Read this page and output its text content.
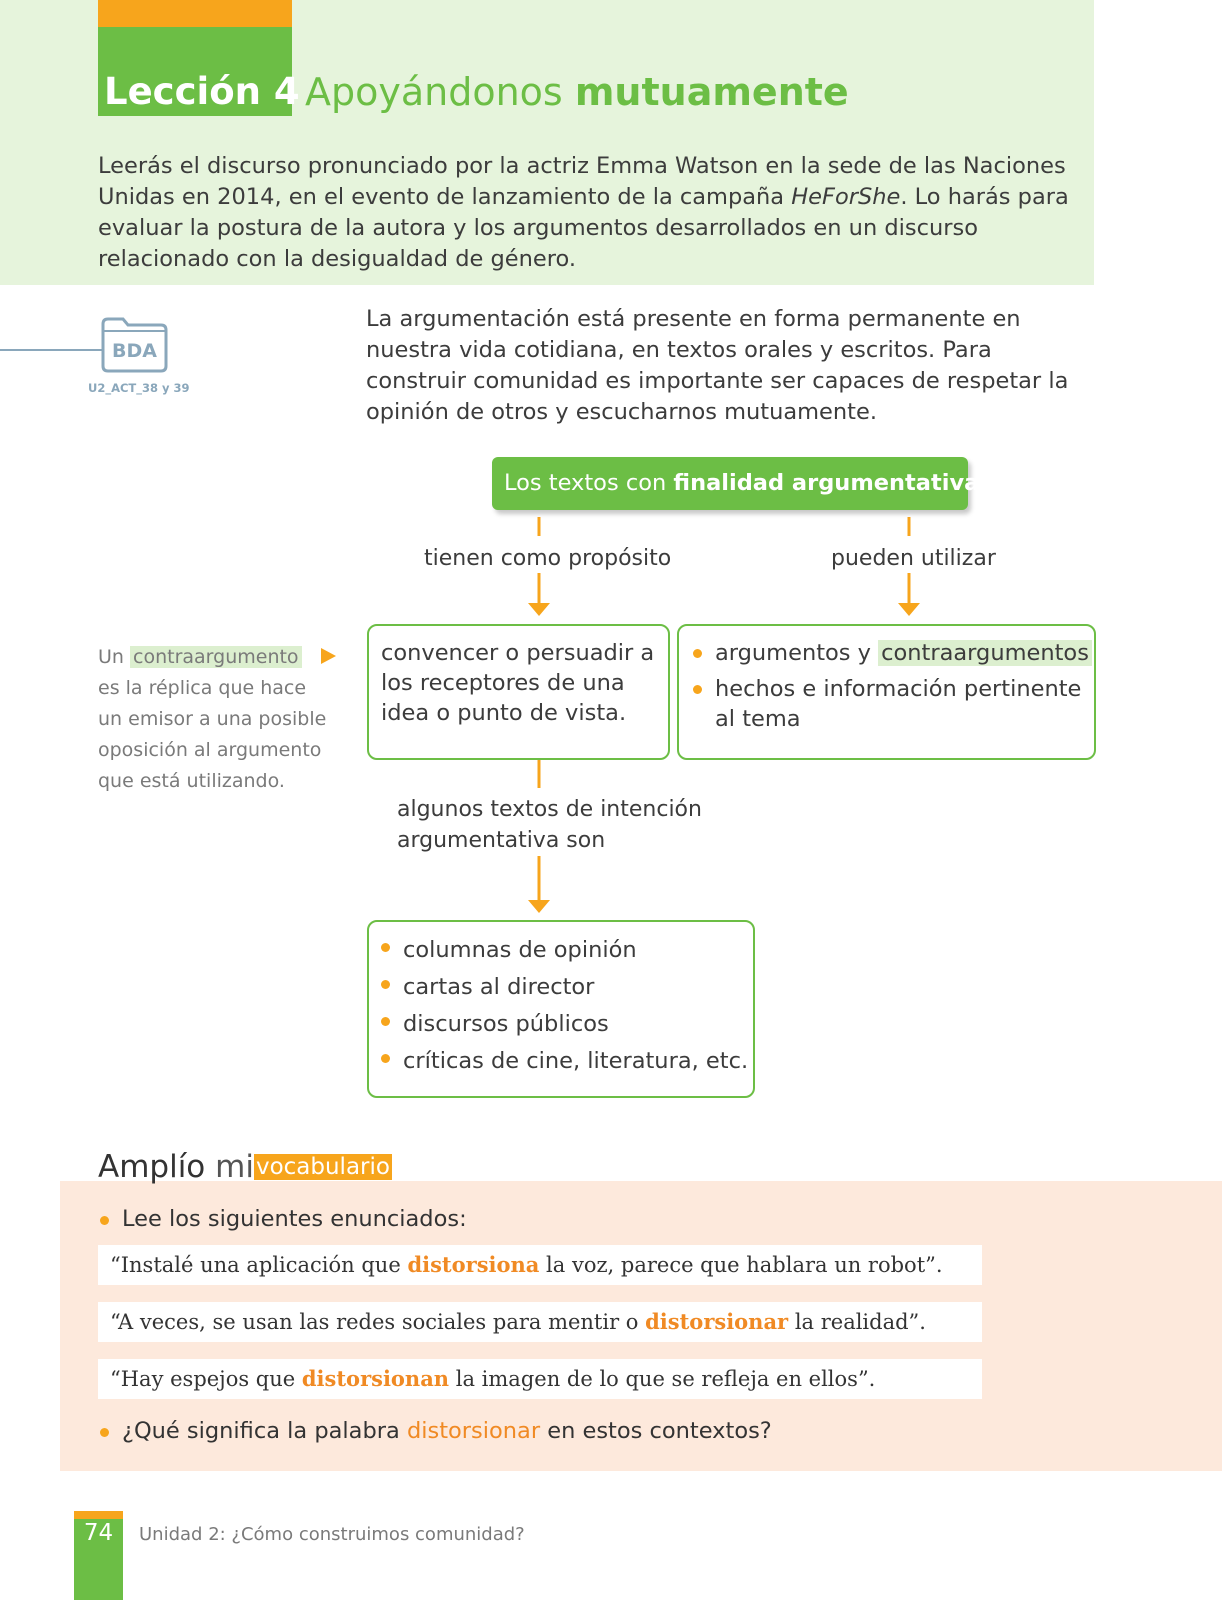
Lección 4 Apoyándonos mutuamente

Leerás el discurso pronunciado por la actriz Emma Watson en la sede de las Naciones Unidas en 2014, en el evento de lanzamiento de la campaña HeForShe. Lo harás para evaluar la postura de la autora y los argumentos desarrollados en un discurso relacionado con la desigualdad de género.

BDA
U2_ACT_38 y 39

La argumentación está presente en forma permanente en nuestra vida cotidiana, en textos orales y escritos. Para construir comunidad es importante ser capaces de respetar la opinión de otros y escucharnos mutuamente.

Los textos con finalidad argumentativa
tienen como propósito	pueden utilizar
convencer o persuadir a los receptores de una idea o punto de vista.
argumentos y contraargumentos
hechos e información pertinente al tema
algunos textos de intención argumentativa son
columnas de opinión
cartas al director
discursos públicos
críticas de cine, literatura, etc.

Un contraargumento es la réplica que hace un emisor a una posible oposición al argumento que está utilizando.

Amplío mivocabulario
Lee los siguientes enunciados:
“Instalé una aplicación que distorsiona la voz, parece que hablara un robot”.
“A veces, se usan las redes sociales para mentir o distorsionar la realidad”.
“Hay espejos que distorsionan la imagen de lo que se refleja en ellos”.
¿Qué significa la palabra distorsionar en estos contextos?
74	Unidad 2: ¿Cómo construimos comunidad?
